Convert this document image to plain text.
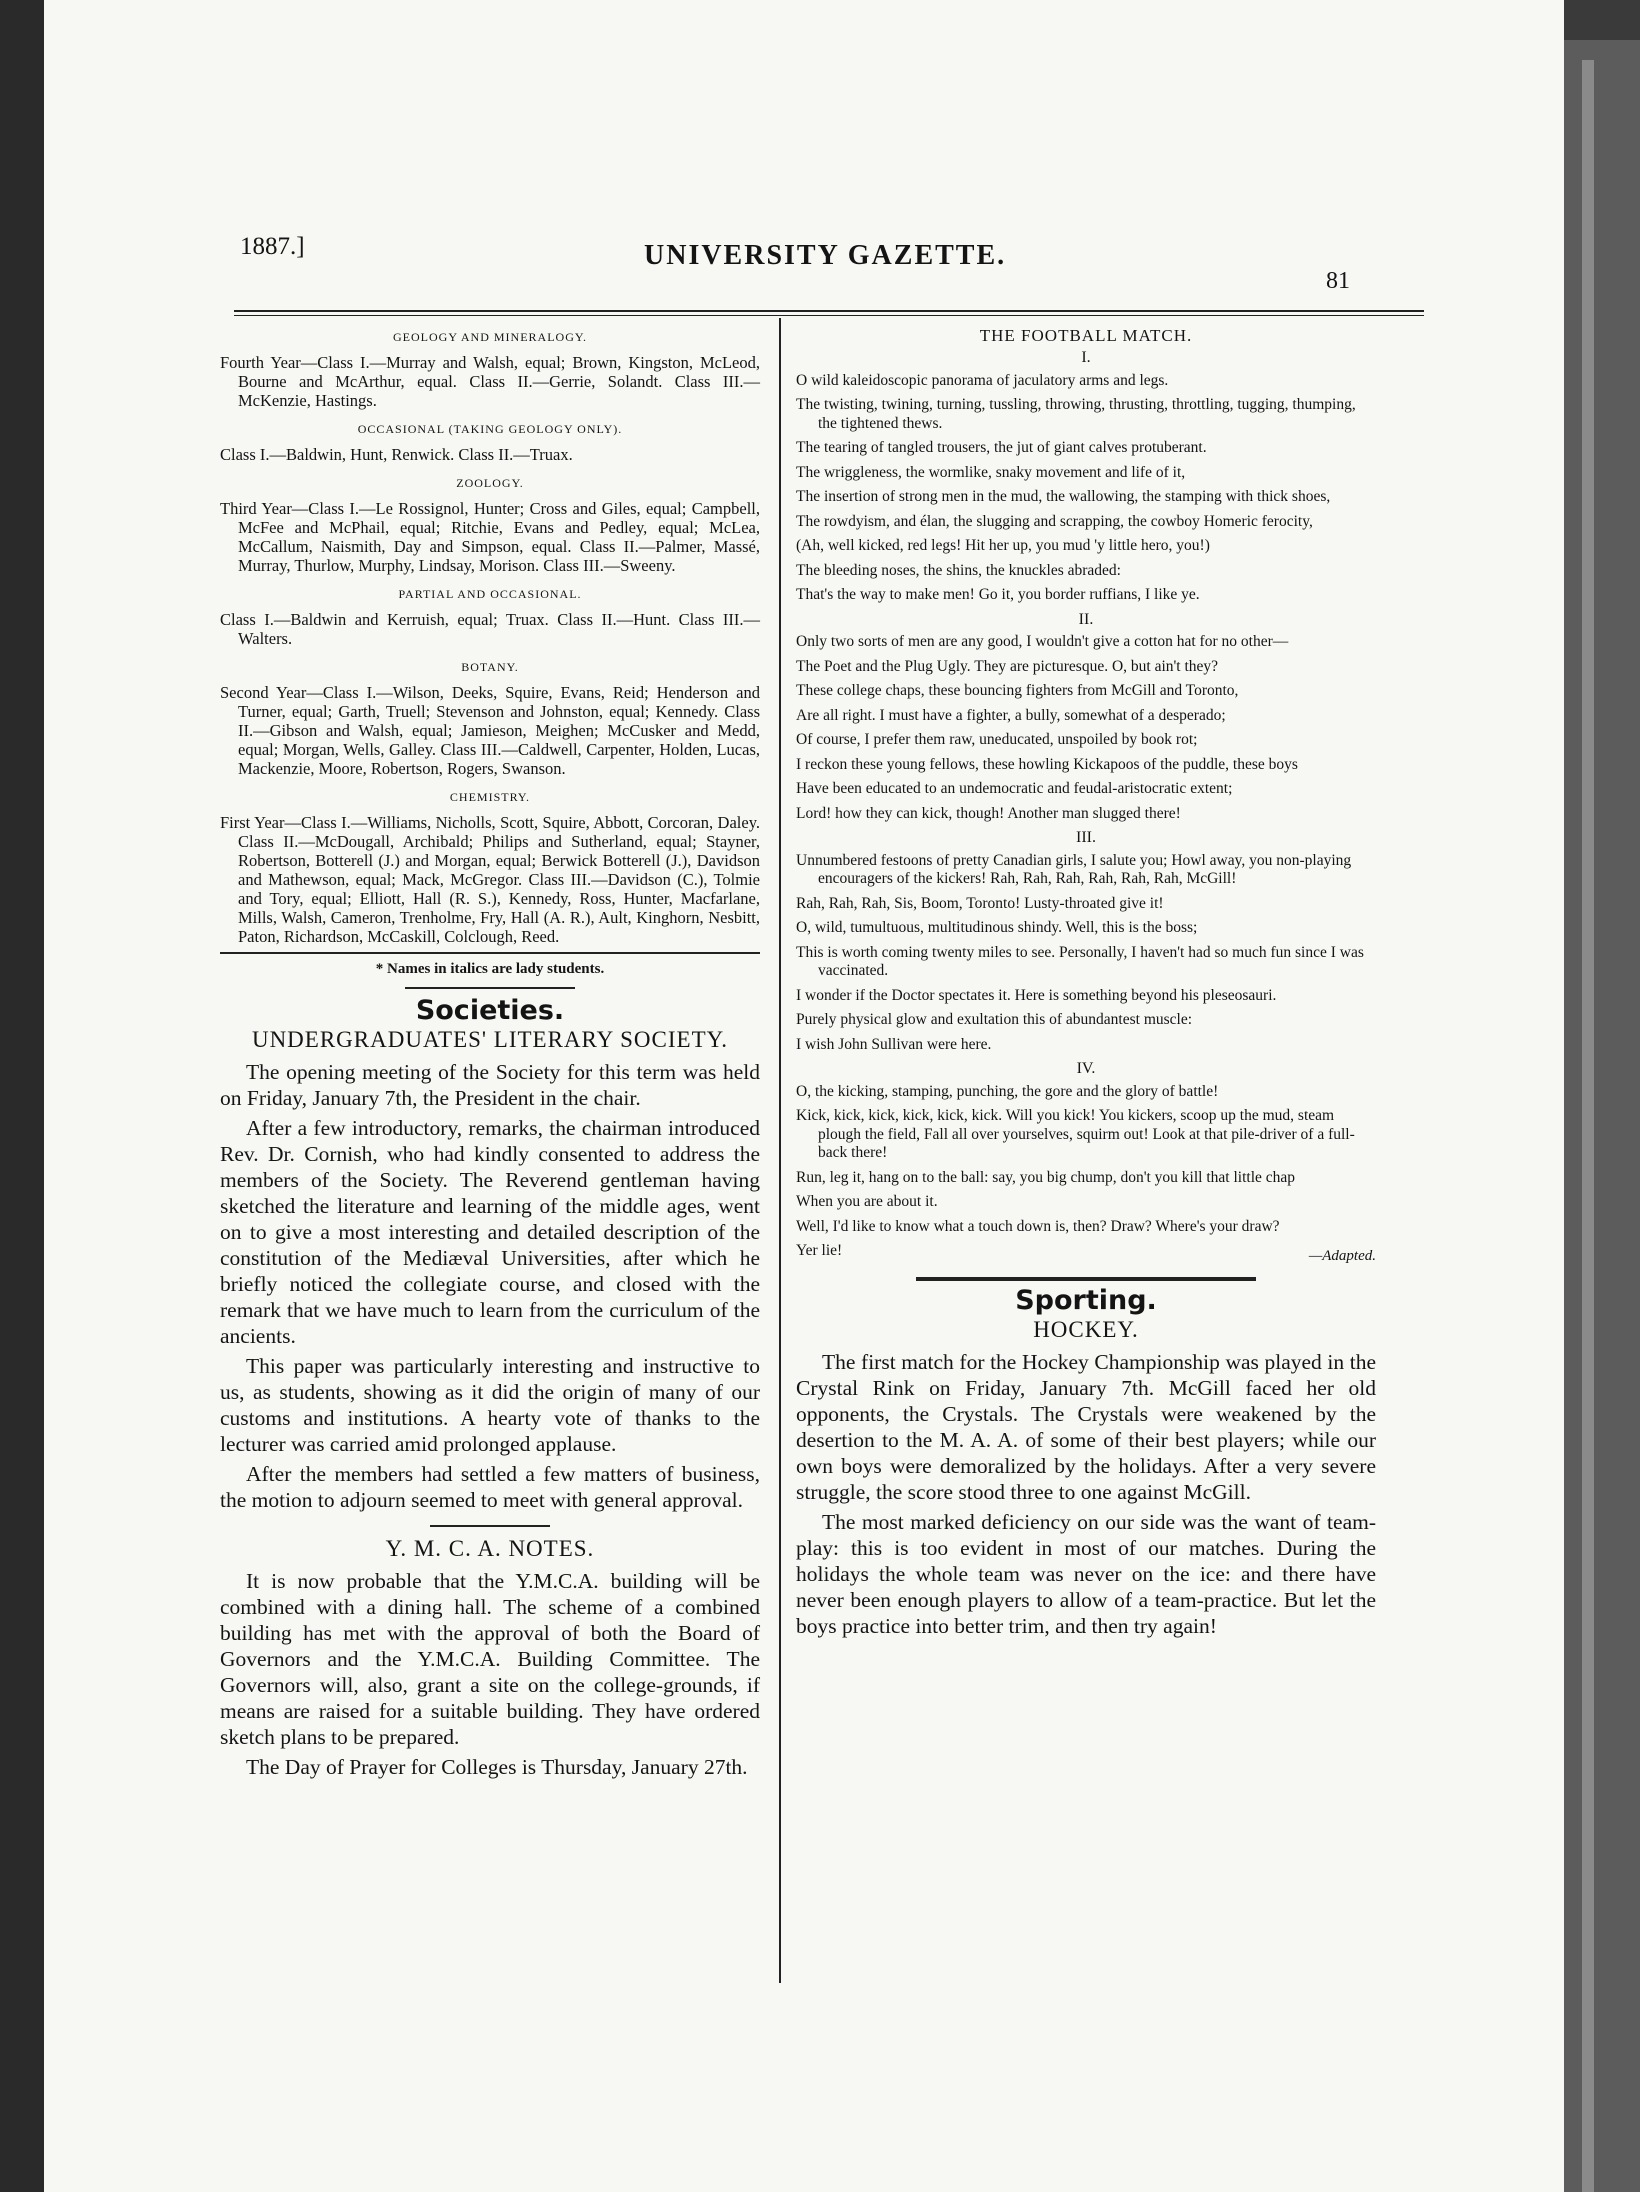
1887.]	UNIVERSITY GAZETTE.
81
GEOLOGY AND MINERALOGY.

Fourth Year—Class I.—Murray and Walsh, equal; Brown, Kingston, McLeod, Bourne and McArthur, equal. Class II.—Gerrie, Solandt. Class III.—McKenzie, Hastings.

OCCASIONAL (TAKING GEOLOGY ONLY).

Class I.—Baldwin, Hunt, Renwick. Class II.—Truax.

ZOOLOGY.

Third Year—Class I.—Le Rossignol, Hunter; Cross and Giles, equal; Campbell, McFee and McPhail, equal; Ritchie, Evans and Pedley, equal; McLea, McCallum, Naismith, Day and Simpson, equal. Class II.—Palmer, Massé, Murray, Thurlow, Murphy, Lindsay, Morison. Class III.—Sweeny.

PARTIAL AND OCCASIONAL.

Class I.—Baldwin and Kerruish, equal; Truax. Class II.—Hunt. Class III.—Walters.

BOTANY.

Second Year—Class I.—Wilson, Deeks, Squire, Evans, Reid; Henderson and Turner, equal; Garth, Truell; Stevenson and Johnston, equal; Kennedy. Class II.—Gibson and Walsh, equal; Jamieson, Meighen; McCusker and Medd, equal; Morgan, Wells, Galley. Class III.—Caldwell, Carpenter, Holden, Lucas, Mackenzie, Moore, Robertson, Rogers, Swanson.

CHEMISTRY.

First Year—Class I.—Williams, Nicholls, Scott, Squire, Abbott, Corcoran, Daley. Class II.—McDougall, Archibald; Philips and Sutherland, equal; Stayner, Robertson, Botterell (J.) and Morgan, equal; Berwick Botterell (J.), Davidson and Mathewson, equal; Mack, McGregor. Class III.—Davidson (C.), Tolmie and Tory, equal; Elliott, Hall (R. S.), Kennedy, Ross, Hunter, Macfarlane, Mills, Walsh, Cameron, Trenholme, Fry, Hall (A. R.), Ault, Kinghorn, Nesbitt, Paton, Richardson, McCaskill, Colclough, Reed.

* Names in italics are lady students.
Societies.
UNDERGRADUATES' LITERARY SOCIETY.

The opening meeting of the Society for this term was held on Friday, January 7th, the President in the chair.

After a few introductory, remarks, the chairman introduced Rev. Dr. Cornish, who had kindly consented to address the members of the Society. The Reverend gentleman having sketched the literature and learning of the middle ages, went on to give a most interesting and detailed description of the constitution of the Mediæval Universities, after which he briefly noticed the collegiate course, and closed with the remark that we have much to learn from the curriculum of the ancients.

This paper was particularly interesting and instructive to us, as students, showing as it did the origin of many of our customs and institutions. A hearty vote of thanks to the lecturer was carried amid prolonged applause.

After the members had settled a few matters of business, the motion to adjourn seemed to meet with general approval.

Y. M. C. A. NOTES.

It is now probable that the Y.M.C.A. building will be combined with a dining hall. The scheme of a combined building has met with the approval of both the Board of Governors and the Y.M.C.A. Building Committee. The Governors will, also, grant a site on the college-grounds, if means are raised for a suitable building. They have ordered sketch plans to be prepared.

The Day of Prayer for Colleges is Thursday, January 27th.

THE FOOTBALL MATCH.
I.
O wild kaleidoscopic panorama of jaculatory arms and legs.
The twisting, twining, turning, tussling, throwing, thrusting, throttling, tugging, thumping, the tightened thews.
The tearing of tangled trousers, the jut of giant calves protuberant.
The wriggleness, the wormlike, snaky movement and life of it,
The insertion of strong men in the mud, the wallowing, the stamping with thick shoes,
The rowdyism, and élan, the slugging and scrapping, the cowboy Homeric ferocity,
(Ah, well kicked, red legs! Hit her up, you mud 'y little hero, you!)
The bleeding noses, the shins, the knuckles abraded:
That's the way to make men! Go it, you border ruffians, I like ye.
II.
Only two sorts of men are any good, I wouldn't give a cotton hat for no other—
The Poet and the Plug Ugly. They are picturesque. O, but ain't they?
These college chaps, these bouncing fighters from McGill and Toronto,
Are all right. I must have a fighter, a bully, somewhat of a desperado;
Of course, I prefer them raw, uneducated, unspoiled by book rot;
I reckon these young fellows, these howling Kickapoos of the puddle, these boys
Have been educated to an undemocratic and feudal-aristocratic extent;
Lord! how they can kick, though! Another man slugged there!
III.
Unnumbered festoons of pretty Canadian girls, I salute you; Howl away, you non-playing encouragers of the kickers! Rah, Rah, Rah, Rah, Rah, Rah, McGill!
Rah, Rah, Rah, Sis, Boom, Toronto! Lusty-throated give it!
O, wild, tumultuous, multitudinous shindy. Well, this is the boss;
This is worth coming twenty miles to see. Personally, I haven't had so much fun since I was vaccinated.
I wonder if the Doctor spectates it. Here is something beyond his pleseosauri.
Purely physical glow and exultation this of abundantest muscle:
I wish John Sullivan were here.
IV.
O, the kicking, stamping, punching, the gore and the glory of battle!
Kick, kick, kick, kick, kick, kick. Will you kick! You kickers, scoop up the mud, steam plough the field, Fall all over yourselves, squirm out! Look at that pile-driver of a full-back there!
Run, leg it, hang on to the ball: say, you big chump, don't you kill that little chap
When you are about it.
Well, I'd like to know what a touch down is, then? Draw? Where's your draw?
Yer lie!	—Adapted.
Sporting.
HOCKEY.

The first match for the Hockey Championship was played in the Crystal Rink on Friday, January 7th. McGill faced her old opponents, the Crystals. The Crystals were weakened by the desertion to the M. A. A. of some of their best players; while our own boys were demoralized by the holidays. After a very severe struggle, the score stood three to one against McGill.

The most marked deficiency on our side was the want of team-play: this is too evident in most of our matches. During the holidays the whole team was never on the ice: and there have never been enough players to allow of a team-practice. But let the boys practice into better trim, and then try again!
